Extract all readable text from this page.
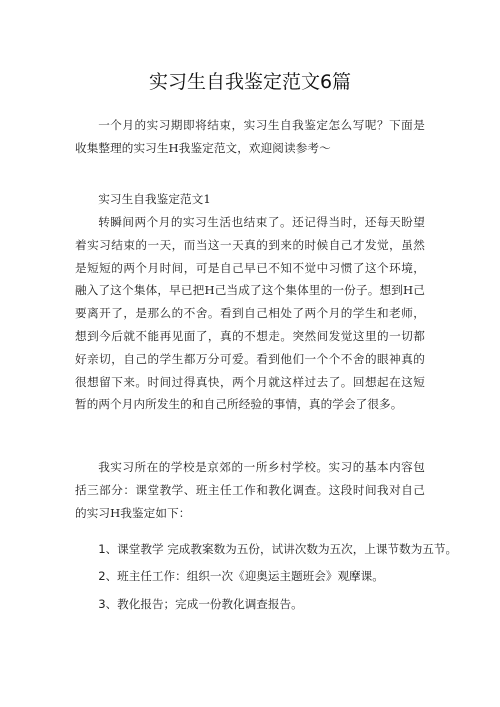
实习生自我鉴定范文6篇

一个月的实习期即将结束，实习生自我鉴定怎么写呢？下面是收集整理的实习生H我鉴定范文，欢迎阅读参考～

实习生自我鉴定范文1

转瞬间两个月的实习生活也结束了。还记得当时，还每天盼望着实习结束的一天，而当这一天真的到来的时候自己才发觉，虽然是短短的两个月时间，可是自己早已不知不觉中习惯了这个环境，融入了这个集体，早已把H己当成了这个集体里的一份子。想到H己要离开了，是那么的不舍。看到自己相处了两个月的学生和老师，想到今后就不能再见面了，真的不想走。突然间发觉这里的一切都好亲切，自己的学生都万分可爱。看到他们一个个不舍的眼神真的很想留下来。时间过得真快，两个月就这样过去了。回想起在这短暂的两个月内所发生的和自己所经验的事情，真的学会了很多。

我实习所在的学校是京郊的一所乡村学校。实习的基本内容包括三部分：课堂教学、班主任工作和教化调查。这段时间我对自己的实习H我鉴定如下：

1、课堂教学 完成教案数为五份，试讲次数为五次，上课节数为五节。

2、班主任工作：组织一次《迎奥运主题班会》观摩课。

3、教化报告；完成一份教化调查报告。
